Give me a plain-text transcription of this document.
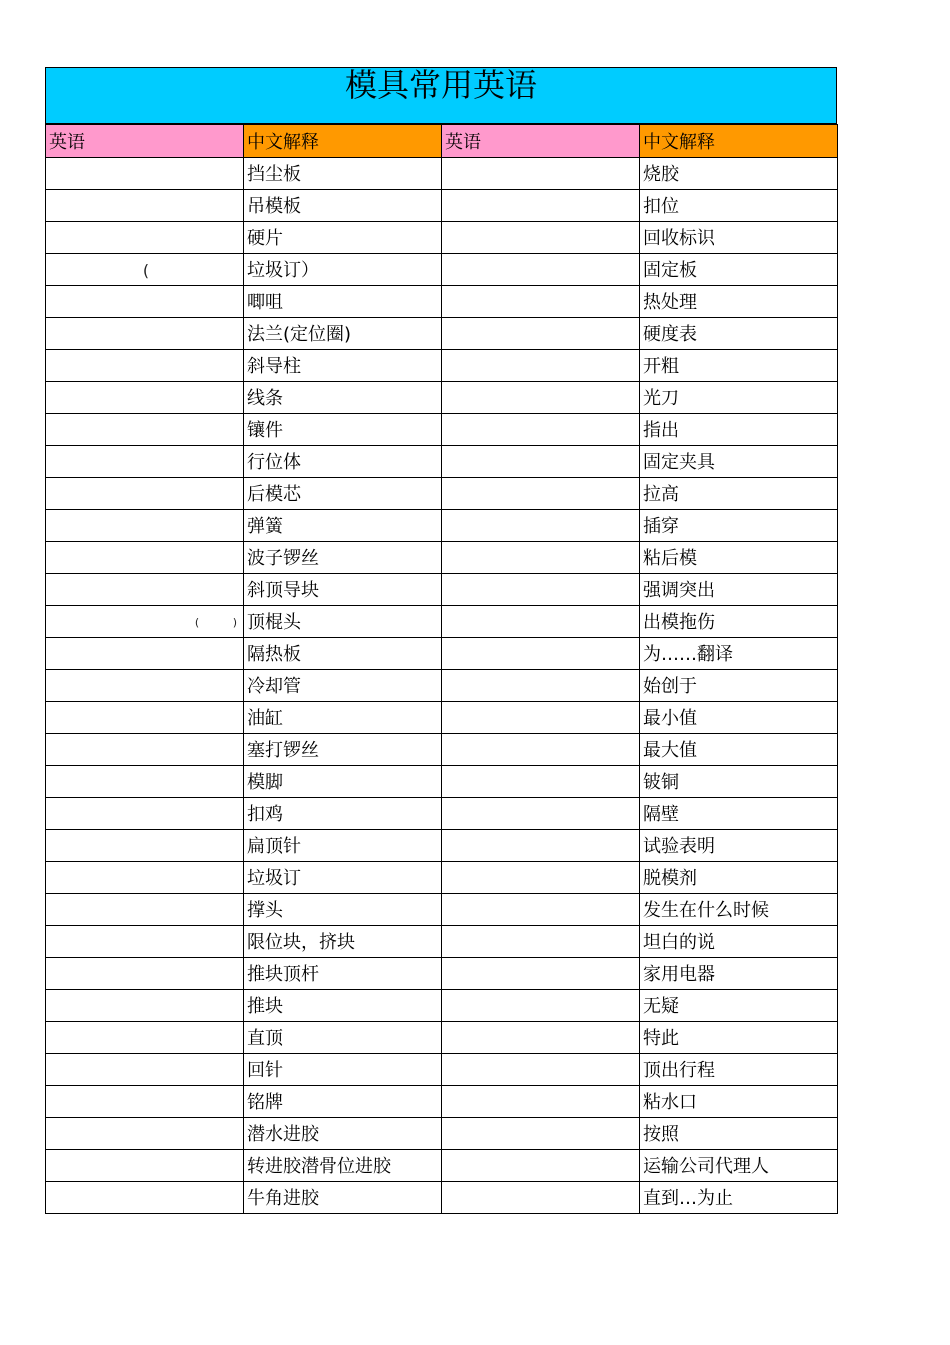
模具常用英语
英语	中文解释	英语	中文解释
	挡尘板		烧胶
	吊模板		扣位
	硬片		回收标识
(	垃圾订）		固定板
	唧咀		热处理
	法兰(定位圈)		硬度表
	斜导柱		开粗
	线条		光刀
	镶件		指出
	行位体		固定夹具
	后模芯		拉高
	弹簧		插穿
	波子锣丝		粘后模
	斜顶导块		强调突出
( )	顶棍头		出模拖伤
	隔热板		为……翻译
	冷却管		始创于
	油缸		最小值
	塞打锣丝		最大值
	模脚		铍铜
	扣鸡		隔壁
	扁顶针		试验表明
	垃圾订		脱模剂
	撑头		发生在什么时候
	限位块，挤块		坦白的说
	推块顶杆		家用电器
	推块		无疑
	直顶		特此
	回针		顶出行程
	铭牌		粘水口
	潜水进胶		按照
	转进胶潜骨位进胶		运输公司代理人
	牛角进胶		直到…为止
